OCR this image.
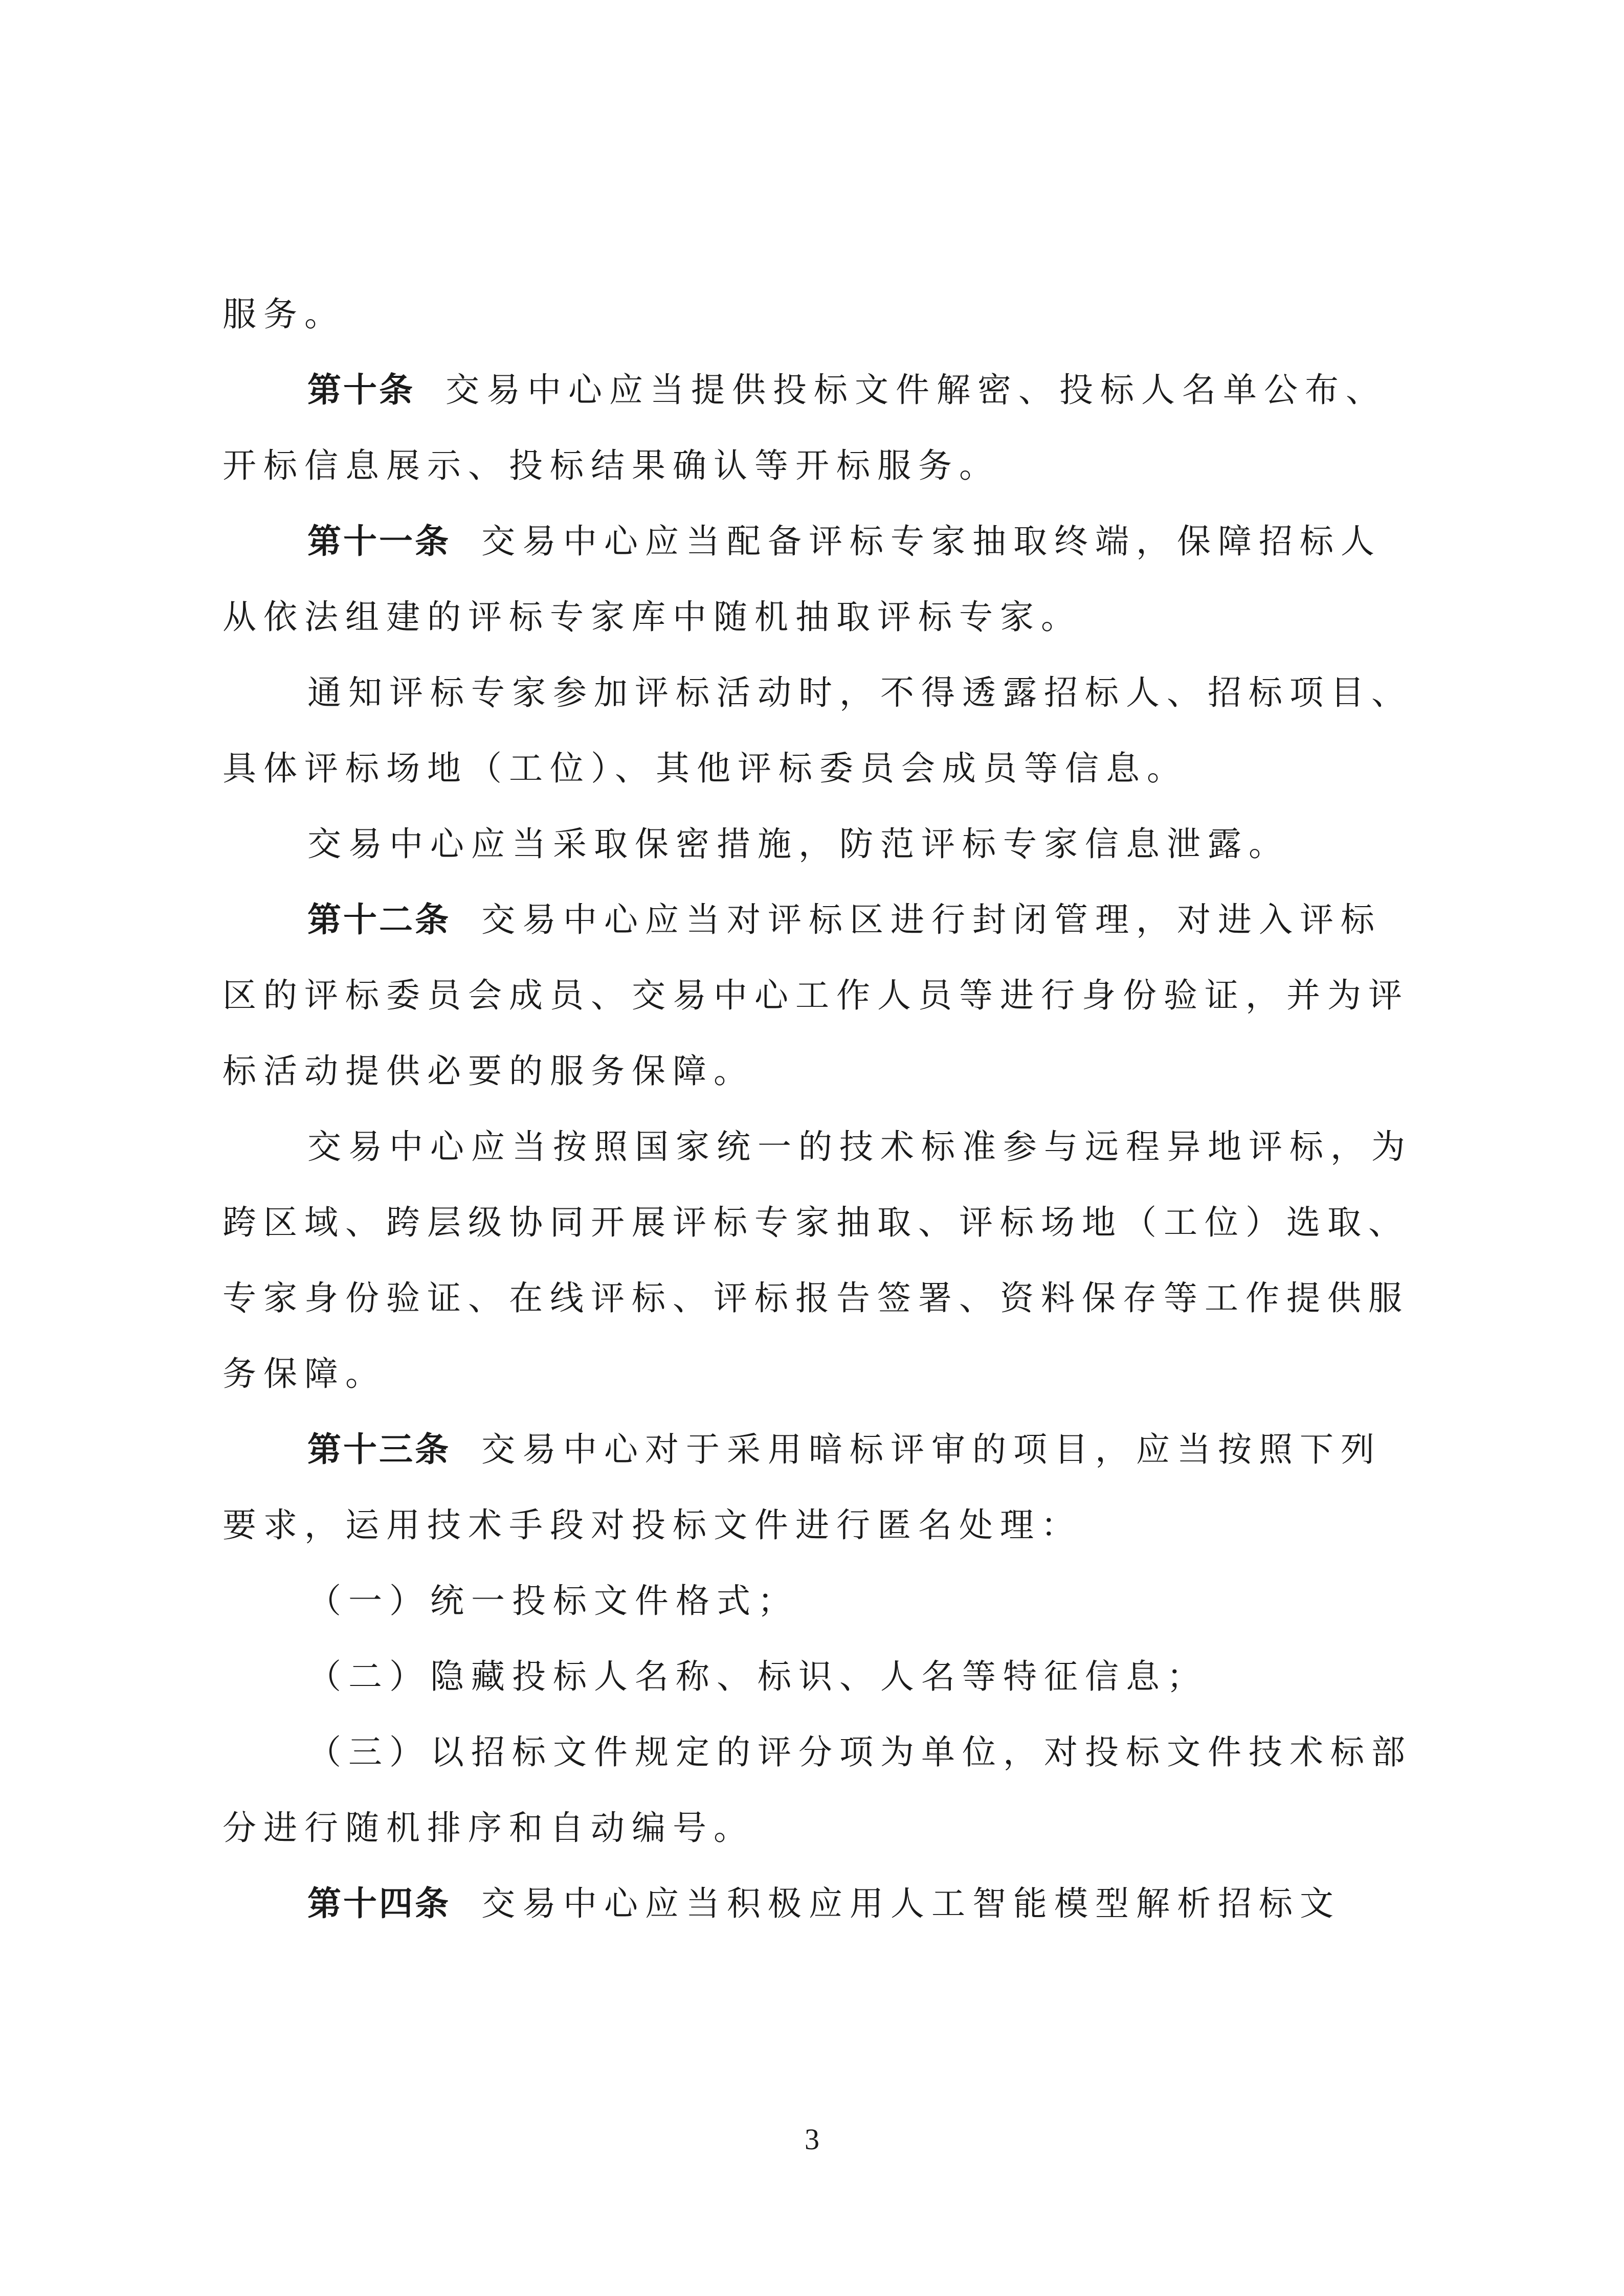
服务。
第十条 交易中心应当提供投标文件解密、投标人名单公布、
开标信息展示、投标结果确认等开标服务。
第十一条 交易中心应当配备评标专家抽取终端，保障招标人
从依法组建的评标专家库中随机抽取评标专家。
通知评标专家参加评标活动时，不得透露招标人、招标项目、
具体评标场地（工位）、其他评标委员会成员等信息。
交易中心应当采取保密措施，防范评标专家信息泄露。
第十二条 交易中心应当对评标区进行封闭管理，对进入评标
区的评标委员会成员、交易中心工作人员等进行身份验证，并为评
标活动提供必要的服务保障。
交易中心应当按照国家统一的技术标准参与远程异地评标，为
跨区域、跨层级协同开展评标专家抽取、评标场地（工位）选取、
专家身份验证、在线评标、评标报告签署、资料保存等工作提供服
务保障。
第十三条 交易中心对于采用暗标评审的项目，应当按照下列
要求，运用技术手段对投标文件进行匿名处理：
（一）统一投标文件格式；
（二）隐藏投标人名称、标识、人名等特征信息；
（三）以招标文件规定的评分项为单位，对投标文件技术标部
分进行随机排序和自动编号。
第十四条 交易中心应当积极应用人工智能模型解析招标文
3
